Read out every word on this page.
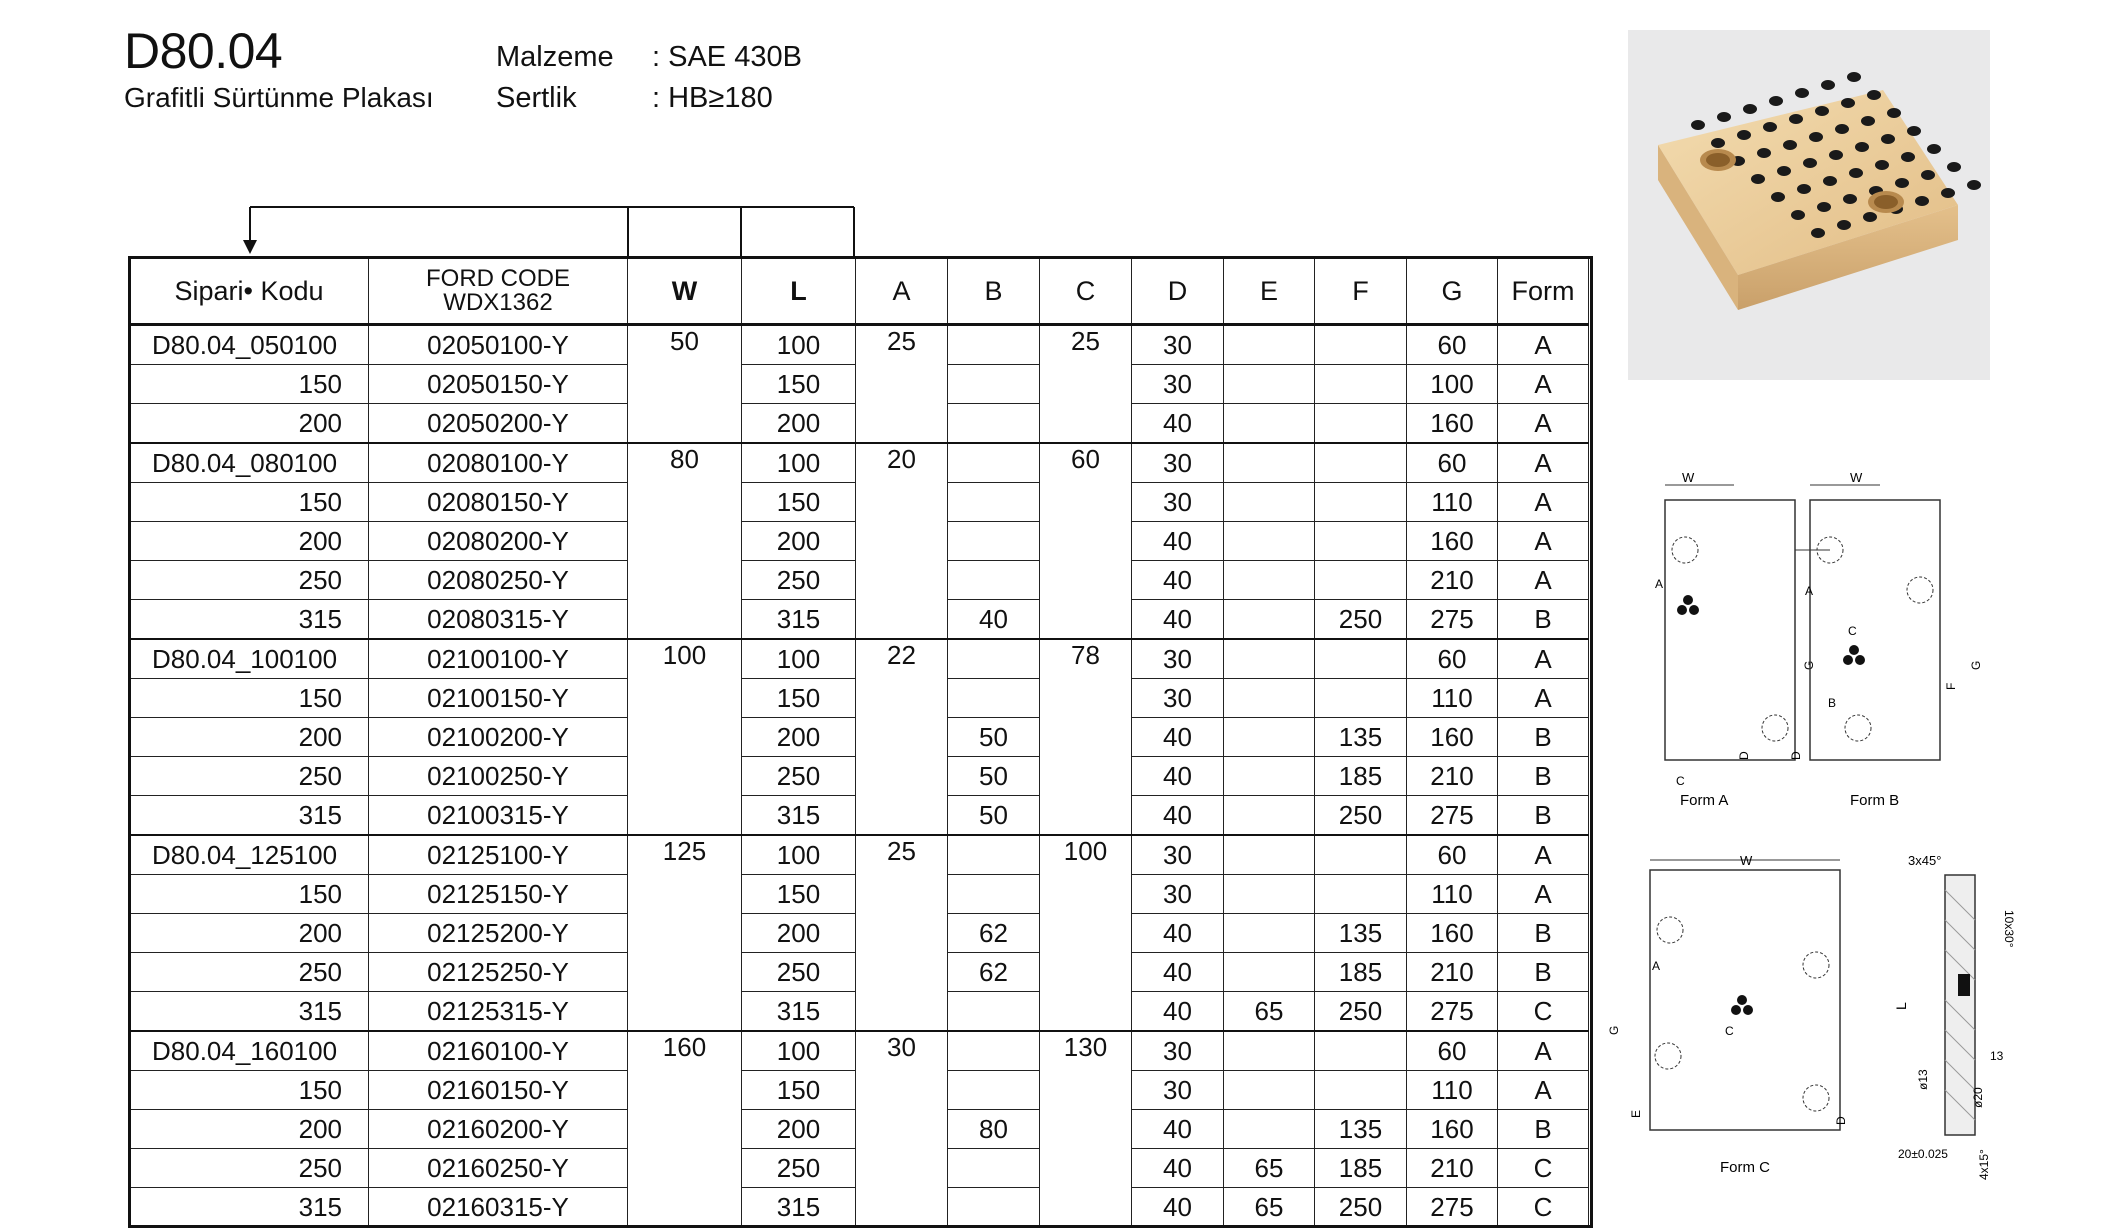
D80.04
Grafitli Sürtünme Plakası
Malzeme : SAE 430B
Sertlik	: HB≥180
Sipari• Kodu	FORD CODE
WDX1362	W	L	A	B	C	D	E	F	G	Form
D80.04_050100	02050100-Y	50	100	25		25	30			60	A
150	02050150-Y		150				30			100	A
200	02050200-Y		200				40			160	A
D80.04_080100	02080100-Y	80	100	20		60	30			60	A
150	02080150-Y		150				30			110	A
200	02080200-Y		200				40			160	A
250	02080250-Y		250				40			210	A
315	02080315-Y		315		40		40		250	275	B
D80.04_100100	02100100-Y	100	100	22		78	30			60	A
150	02100150-Y		150				30			110	A
200	02100200-Y		200		50		40		135	160	B
250	02100250-Y		250		50		40		185	210	B
315	02100315-Y		315		50		40		250	275	B
D80.04_125100	02125100-Y	125	100	25		100	30			60	A
150	02125150-Y		150				30			110	A
200	02125200-Y		200		62		40		135	160	B
250	02125250-Y		250		62		40		185	210	B
315	02125315-Y		315				40	65	250	275	C
D80.04_160100	02160100-Y	160	100	30		130	30			60	A
150	02160150-Y		150				30			110	A
200	02160200-Y		200		80		40		135	160	B
250	02160250-Y		250				40	65	185	210	C
315	02160315-Y		315				40	65	250	275	C
W
A
C
G
D
Form A
W
A
C
B
F
G
D
Form B
W
A
C
G
E
D
Form C
3x45°
10x30°
L
13
ø13
ø20
20±0.025 4x15°
